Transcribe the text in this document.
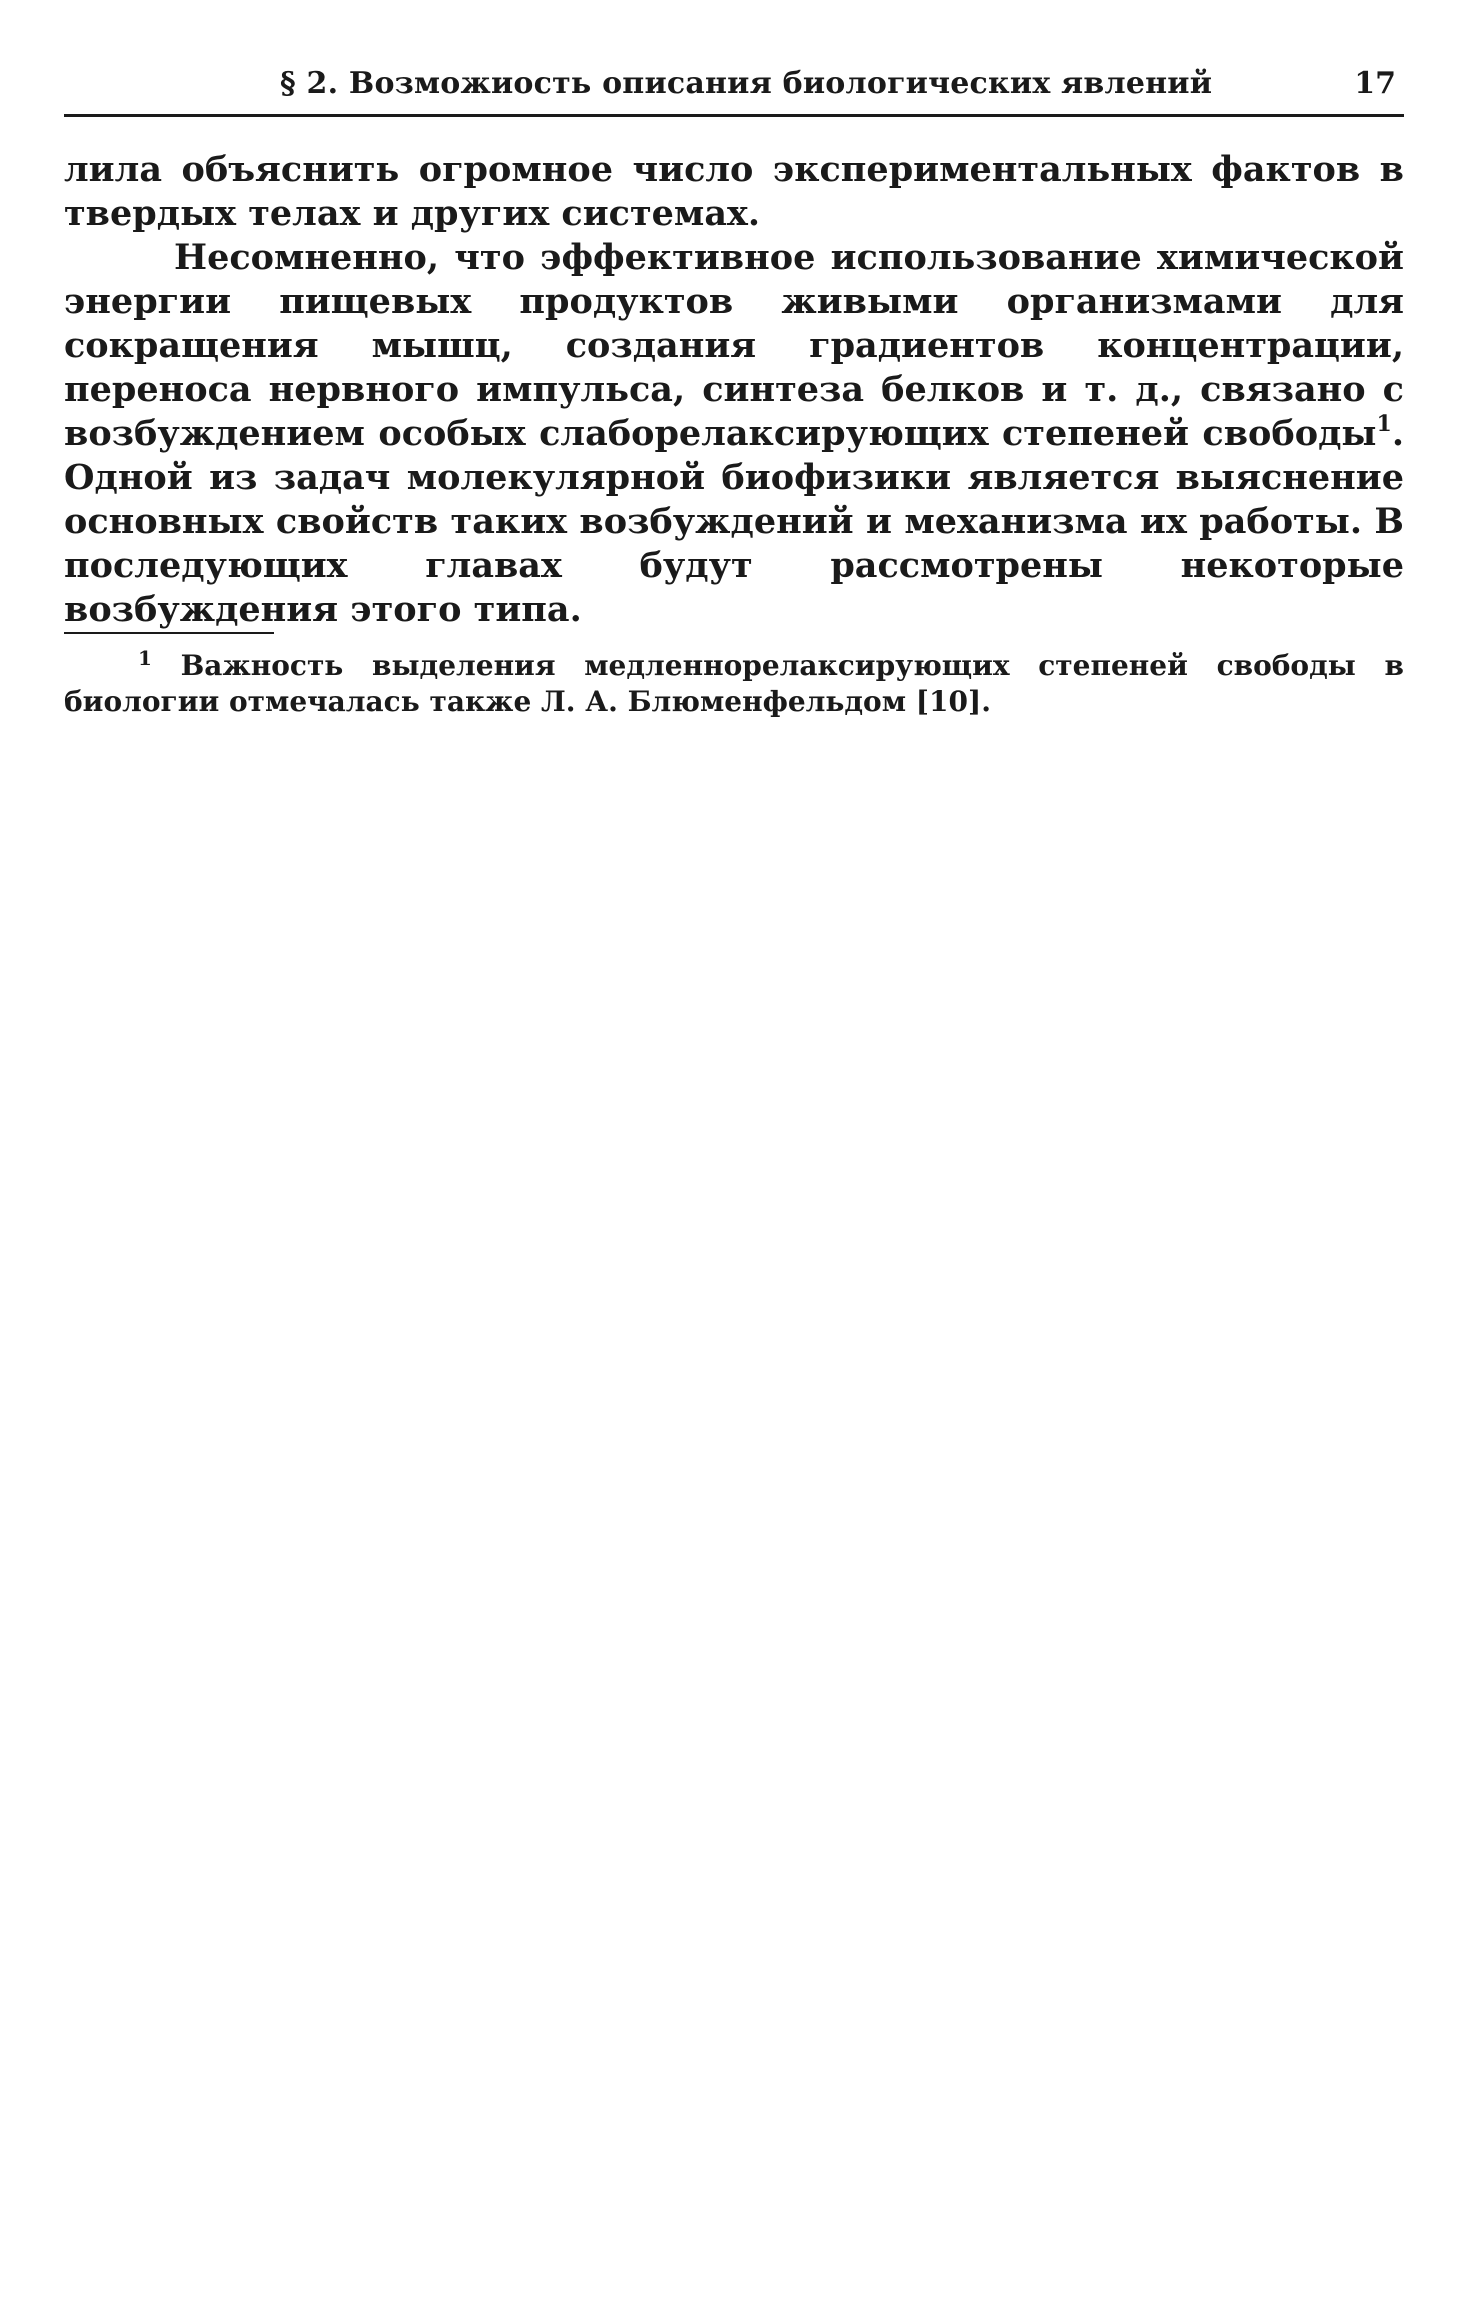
§ 2. Возможиость описания биологических явлений	17

лила объяснить огромное число экспериментальных фактов в твердых телах и других системах.

Несомненно, что эффективное использование химической энергии пищевых продуктов живыми организмами для сокращения мышц, создания градиентов концентрации, переноса нервного импульса, синтеза белков и т. д., связано с возбуждением особых слаборелаксирующих степеней свободы$^1$. Одной из задач молекулярной биофизики является выяснение основных свойств таких возбуждений и механизма их работы. В последующих главах будут рассмотрены некоторые возбуждения этого типа.

$^1$ Важность выделения медленнорелаксирующих степеней свободы в биологии отмечалась также Л. А. Блюменфельдом [10].
